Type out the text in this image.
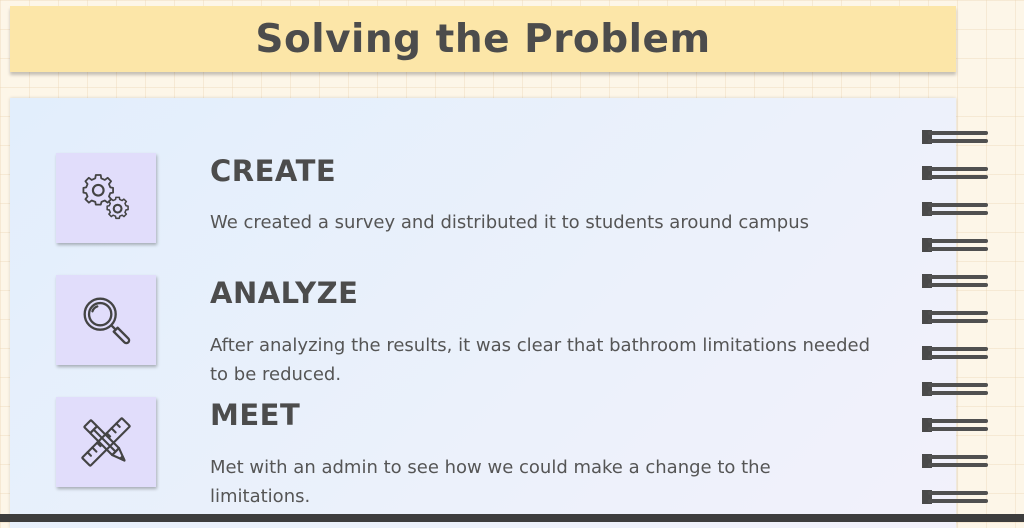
Solving the Problem
CREATE
We created a survey and distributed it to students around campus
ANALYZE
After analyzing the results, it was clear that bathroom limitations needed to be reduced.
MEET
Met with an admin to see how we could make a change to the limitations.
